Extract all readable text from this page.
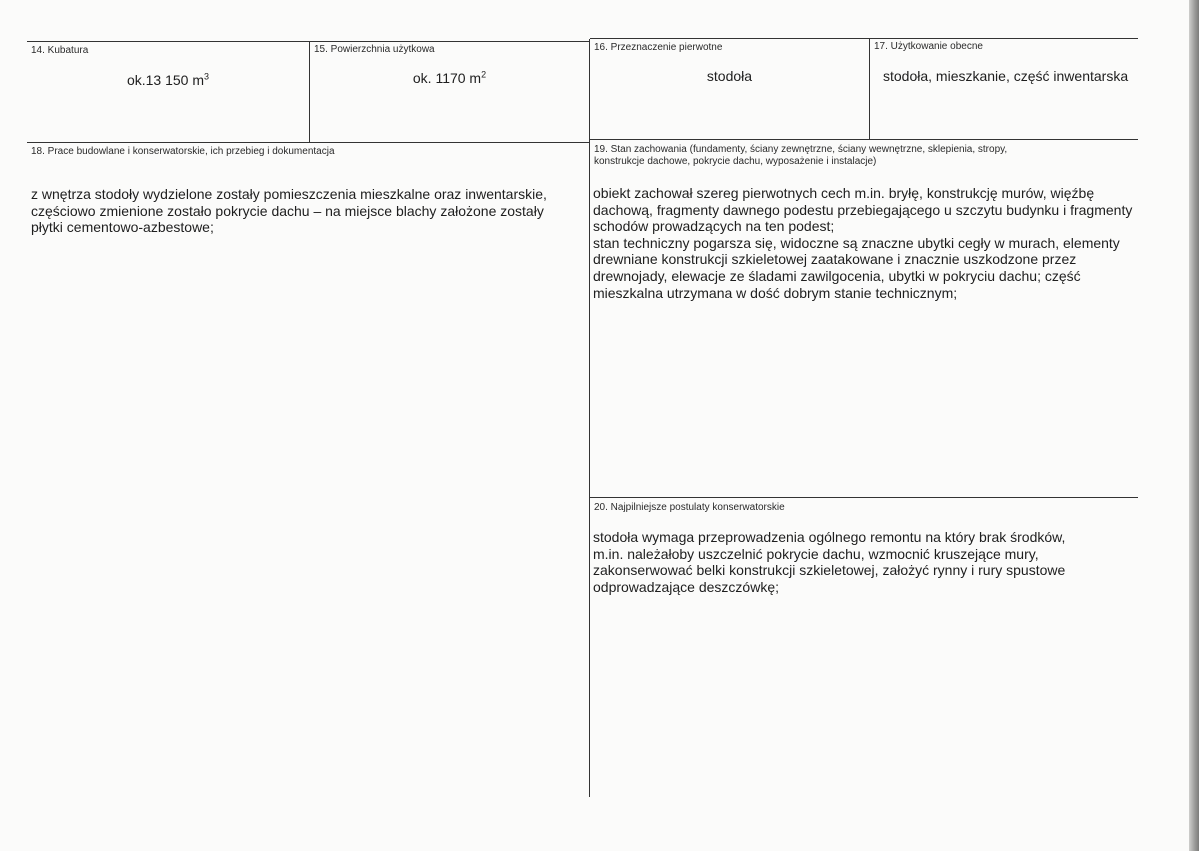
14. Kubatura
ok.13 150 $m^3$
15. Powierzchnia użytkowa
ok. 1170 $m^2$
16. Przeznaczenie pierwotne
stodoła
17. Użytkowanie obecne
stodoła, mieszkanie, część inwentarska
18. Prace budowlane i konserwatorskie, ich przebieg i dokumentacja
z wnętrza stodoły wydzielone zostały pomieszczenia mieszkalne oraz inwentarskie,
częściowo zmienione zostało pokrycie dachu – na miejsce blachy założone zostały
płytki cementowo-azbestowe;
19. Stan zachowania (fundamenty, ściany zewnętrzne, ściany wewnętrzne, sklepienia, stropy,
konstrukcje dachowe, pokrycie dachu, wyposażenie i instalacje)
obiekt zachował szereg pierwotnych cech m.in. bryłę, konstrukcję murów, więźbę
dachową, fragmenty dawnego podestu przebiegającego u szczytu budynku i fragmenty
schodów prowadzących na ten podest;
stan techniczny pogarsza się, widoczne są znaczne ubytki cegły w murach, elementy
drewniane konstrukcji szkieletowej zaatakowane i znacznie uszkodzone przez
drewnojady, elewacje ze śladami zawilgocenia, ubytki w pokryciu dachu; część
mieszkalna utrzymana w dość dobrym stanie technicznym;
20. Najpilniejsze postulaty konserwatorskie
stodoła wymaga przeprowadzenia ogólnego remontu na który brak środków,
m.in. należałoby uszczelnić pokrycie dachu, wzmocnić kruszejące mury,
zakonserwować belki konstrukcji szkieletowej, założyć rynny i rury spustowe
odprowadzające deszczówkę;
